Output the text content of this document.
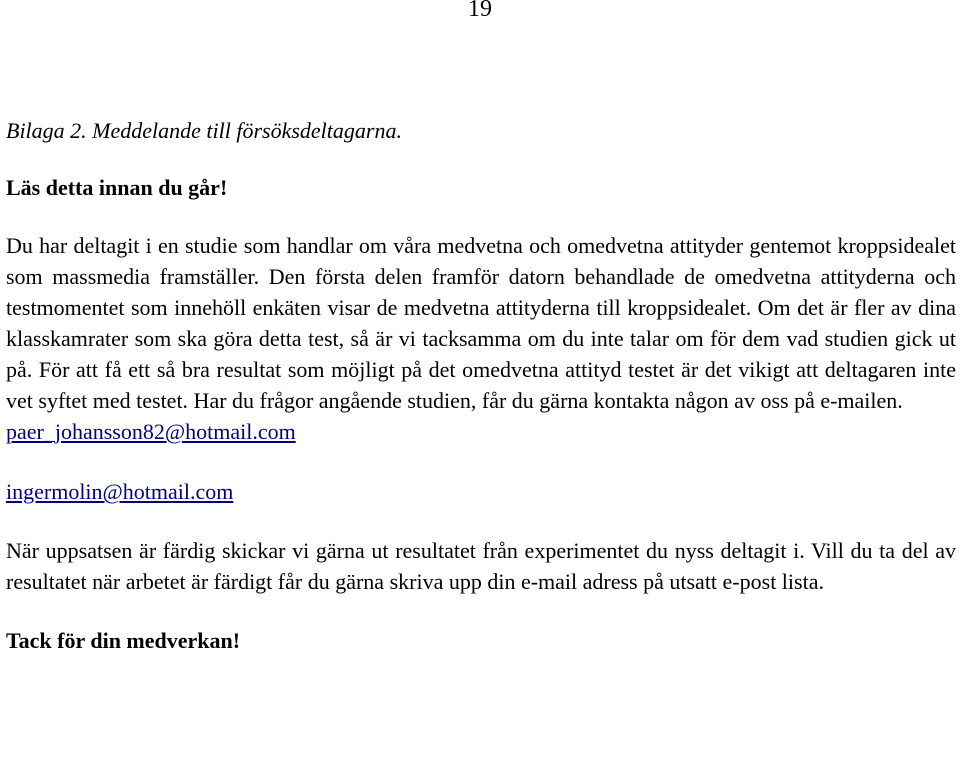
19

Bilaga 2. Meddelande till försöksdeltagarna.

Läs detta innan du går!

Du har deltagit i en studie som handlar om våra medvetna och omedvetna attityder gentemot kroppsidealet som massmedia framställer. Den första delen framför datorn behandlade de omedvetna attityderna och testmomentet som innehöll enkäten visar de medvetna attityderna till kroppsidealet. Om det är fler av dina klasskamrater som ska göra detta test, så är vi tacksamma om du inte talar om för dem vad studien gick ut på. För att få ett så bra resultat som möjligt på det omedvetna attityd testet är det vikigt att deltagaren inte vet syftet med testet. Har du frågor angående studien, får du gärna kontakta någon av oss på e-mailen.

paer_johansson82@hotmail.com
ingermolin@hotmail.com

När uppsatsen är färdig skickar vi gärna ut resultatet från experimentet du nyss deltagit i. Vill du ta del av resultatet när arbetet är färdigt får du gärna skriva upp din e-mail adress på utsatt e-post lista.

Tack för din medverkan!
